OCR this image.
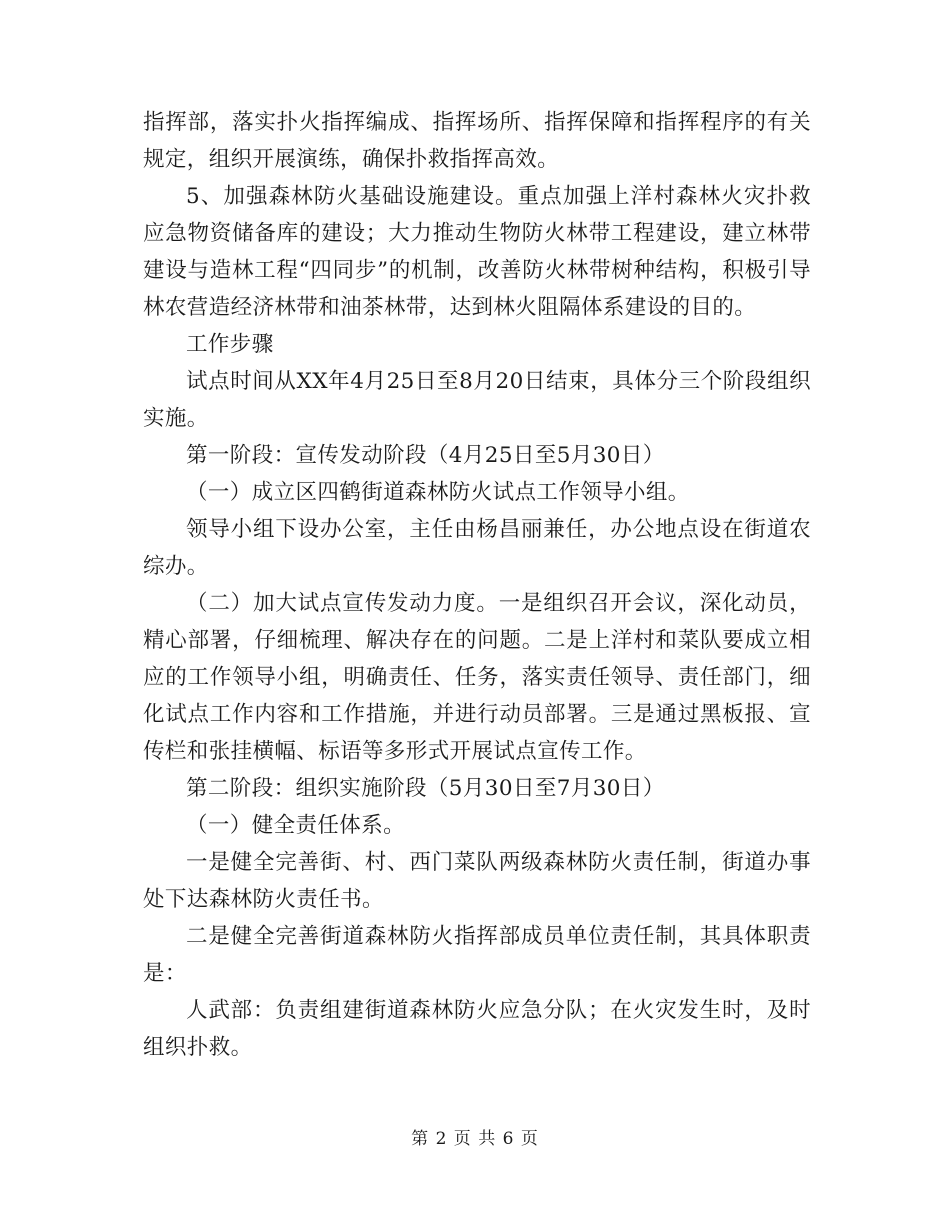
指挥部，落实扑火指挥编成、指挥场所、指挥保障和指挥程序的有关规定，组织开展演练，确保扑救指挥高效。

5、加强森林防火基础设施建设。重点加强上洋村森林火灾扑救应急物资储备库的建设；大力推动生物防火林带工程建设，建立林带建设与造林工程“四同步”的机制，改善防火林带树种结构，积极引导林农营造经济林带和油茶林带，达到林火阻隔体系建设的目的。

工作步骤

试点时间从XX年4月25日至8月20日结束，具体分三个阶段组织实施。

第一阶段：宣传发动阶段（4月25日至5月30日）

（一）成立区四鹤街道森林防火试点工作领导小组。

领导小组下设办公室，主任由杨昌丽兼任，办公地点设在街道农综办。

（二）加大试点宣传发动力度。一是组织召开会议，深化动员，精心部署，仔细梳理、解决存在的问题。二是上洋村和菜队要成立相应的工作领导小组，明确责任、任务，落实责任领导、责任部门，细化试点工作内容和工作措施，并进行动员部署。三是通过黑板报、宣传栏和张挂横幅、标语等多形式开展试点宣传工作。

第二阶段：组织实施阶段（5月30日至7月30日）

（一）健全责任体系。

一是健全完善街、村、西门菜队两级森林防火责任制，街道办事处下达森林防火责任书。

二是健全完善街道森林防火指挥部成员单位责任制，其具体职责是：

人武部：负责组建街道森林防火应急分队；在火灾发生时，及时组织扑救。

第 2 页 共 6 页
